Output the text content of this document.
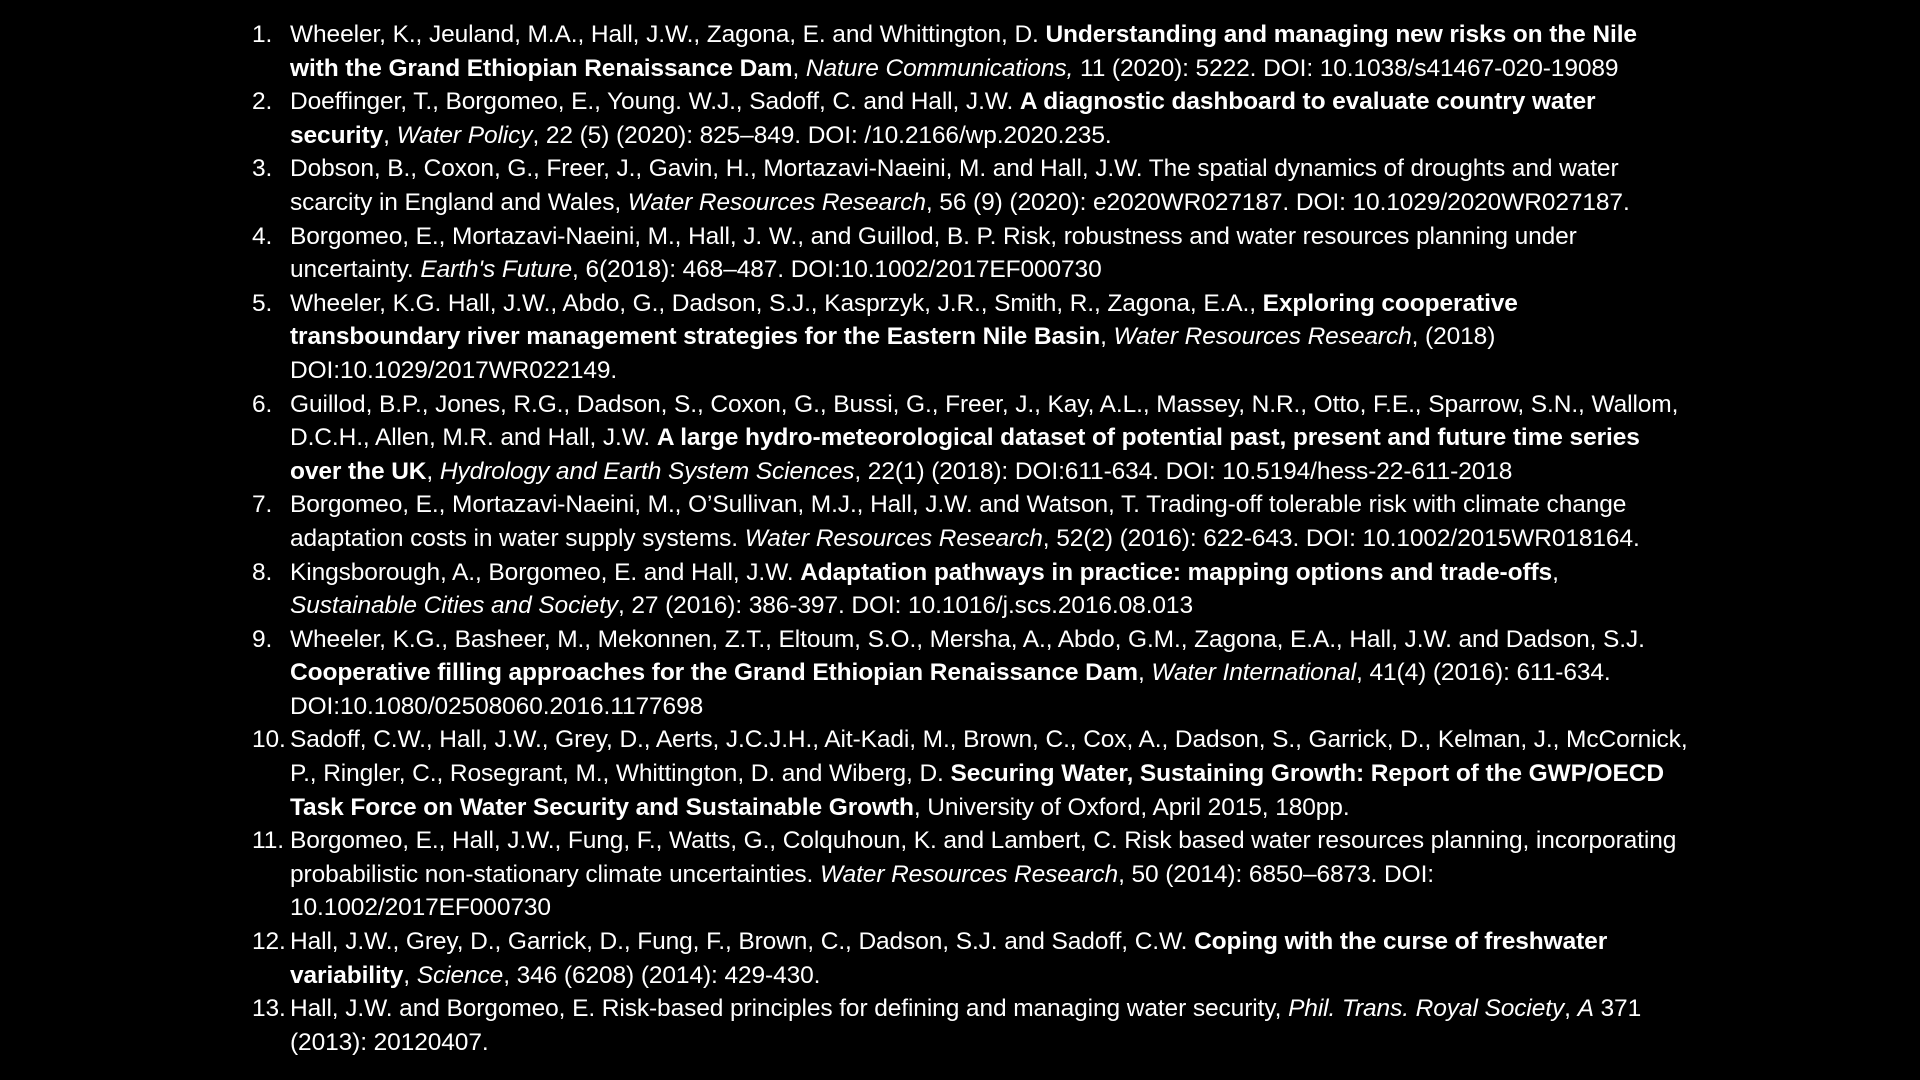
1. Wheeler, K., Jeuland, M.A., Hall, J.W., Zagona, E. and Whittington, D. Understanding and managing new risks on the Nile with the Grand Ethiopian Renaissance Dam, Nature Communications, 11 (2020): 5222. DOI: 10.1038/s41467-020-19089
2. Doeffinger, T., Borgomeo, E., Young. W.J., Sadoff, C. and Hall, J.W. A diagnostic dashboard to evaluate country water security, Water Policy, 22 (5) (2020): 825–849. DOI: /10.2166/wp.2020.235.
3. Dobson, B., Coxon, G., Freer, J., Gavin, H., Mortazavi-Naeini, M. and Hall, J.W. The spatial dynamics of droughts and water scarcity in England and Wales, Water Resources Research, 56 (9) (2020): e2020WR027187. DOI: 10.1029/2020WR027187.
4. Borgomeo, E., Mortazavi-Naeini, M., Hall, J. W., and Guillod, B. P. Risk, robustness and water resources planning under uncertainty. Earth's Future, 6(2018): 468–487. DOI:10.1002/2017EF000730
5. Wheeler, K.G. Hall, J.W., Abdo, G., Dadson, S.J., Kasprzyk, J.R., Smith, R., Zagona, E.A., Exploring cooperative transboundary river management strategies for the Eastern Nile Basin, Water Resources Research, (2018) DOI:10.1029/2017WR022149.
6. Guillod, B.P., Jones, R.G., Dadson, S., Coxon, G., Bussi, G., Freer, J., Kay, A.L., Massey, N.R., Otto, F.E., Sparrow, S.N., Wallom, D.C.H., Allen, M.R. and Hall, J.W. A large hydro-meteorological dataset of potential past, present and future time series over the UK, Hydrology and Earth System Sciences, 22(1) (2018): DOI:611-634. DOI: 10.5194/hess-22-611-2018
7. Borgomeo, E., Mortazavi-Naeini, M., O’Sullivan, M.J., Hall, J.W. and Watson, T. Trading-off tolerable risk with climate change adaptation costs in water supply systems. Water Resources Research, 52(2) (2016): 622-643. DOI: 10.1002/2015WR018164.
8. Kingsborough, A., Borgomeo, E. and Hall, J.W. Adaptation pathways in practice: mapping options and trade-offs, Sustainable Cities and Society, 27 (2016): 386-397. DOI: 10.1016/j.scs.2016.08.013
9. Wheeler, K.G., Basheer, M., Mekonnen, Z.T., Eltoum, S.O., Mersha, A., Abdo, G.M., Zagona, E.A., Hall, J.W. and Dadson, S.J. Cooperative filling approaches for the Grand Ethiopian Renaissance Dam, Water International, 41(4) (2016): 611-634. DOI:10.1080/02508060.2016.1177698
10. Sadoff, C.W., Hall, J.W., Grey, D., Aerts, J.C.J.H., Ait-Kadi, M., Brown, C., Cox, A., Dadson, S., Garrick, D., Kelman, J., McCornick, P., Ringler, C., Rosegrant, M., Whittington, D. and Wiberg, D. Securing Water, Sustaining Growth: Report of the GWP/OECD Task Force on Water Security and Sustainable Growth, University of Oxford, April 2015, 180pp.
11. Borgomeo, E., Hall, J.W., Fung, F., Watts, G., Colquhoun, K. and Lambert, C. Risk based water resources planning, incorporating probabilistic non-stationary climate uncertainties. Water Resources Research, 50 (2014): 6850–6873. DOI: 10.1002/2017EF000730
12. Hall, J.W., Grey, D., Garrick, D., Fung, F., Brown, C., Dadson, S.J. and Sadoff, C.W. Coping with the curse of freshwater variability, Science, 346 (6208) (2014): 429-430.
13. Hall, J.W. and Borgomeo, E. Risk-based principles for defining and managing water security, Phil. Trans. Royal Society, A 371 (2013): 20120407.
